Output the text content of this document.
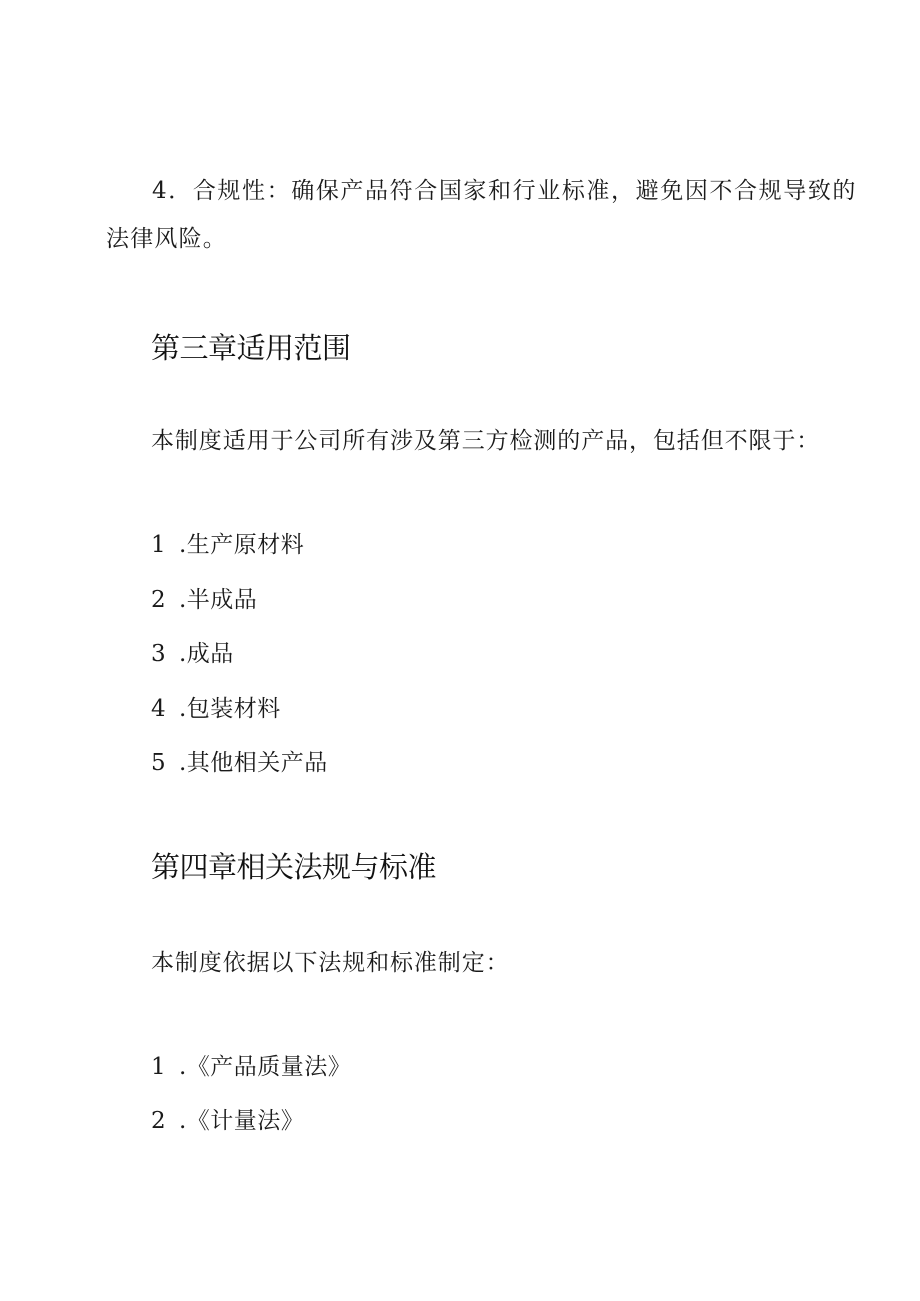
4．合规性：确保产品符合国家和行业标准，避免因不合规导致的
法律风险。
第三章适用范围
本制度适用于公司所有涉及第三方检测的产品，包括但不限于：
1 .生产原材料
2 .半成品
3 .成品
4 .包装材料
5 .其他相关产品
第四章相关法规与标准
本制度依据以下法规和标准制定：
1 .《产品质量法》
2 .《计量法》
